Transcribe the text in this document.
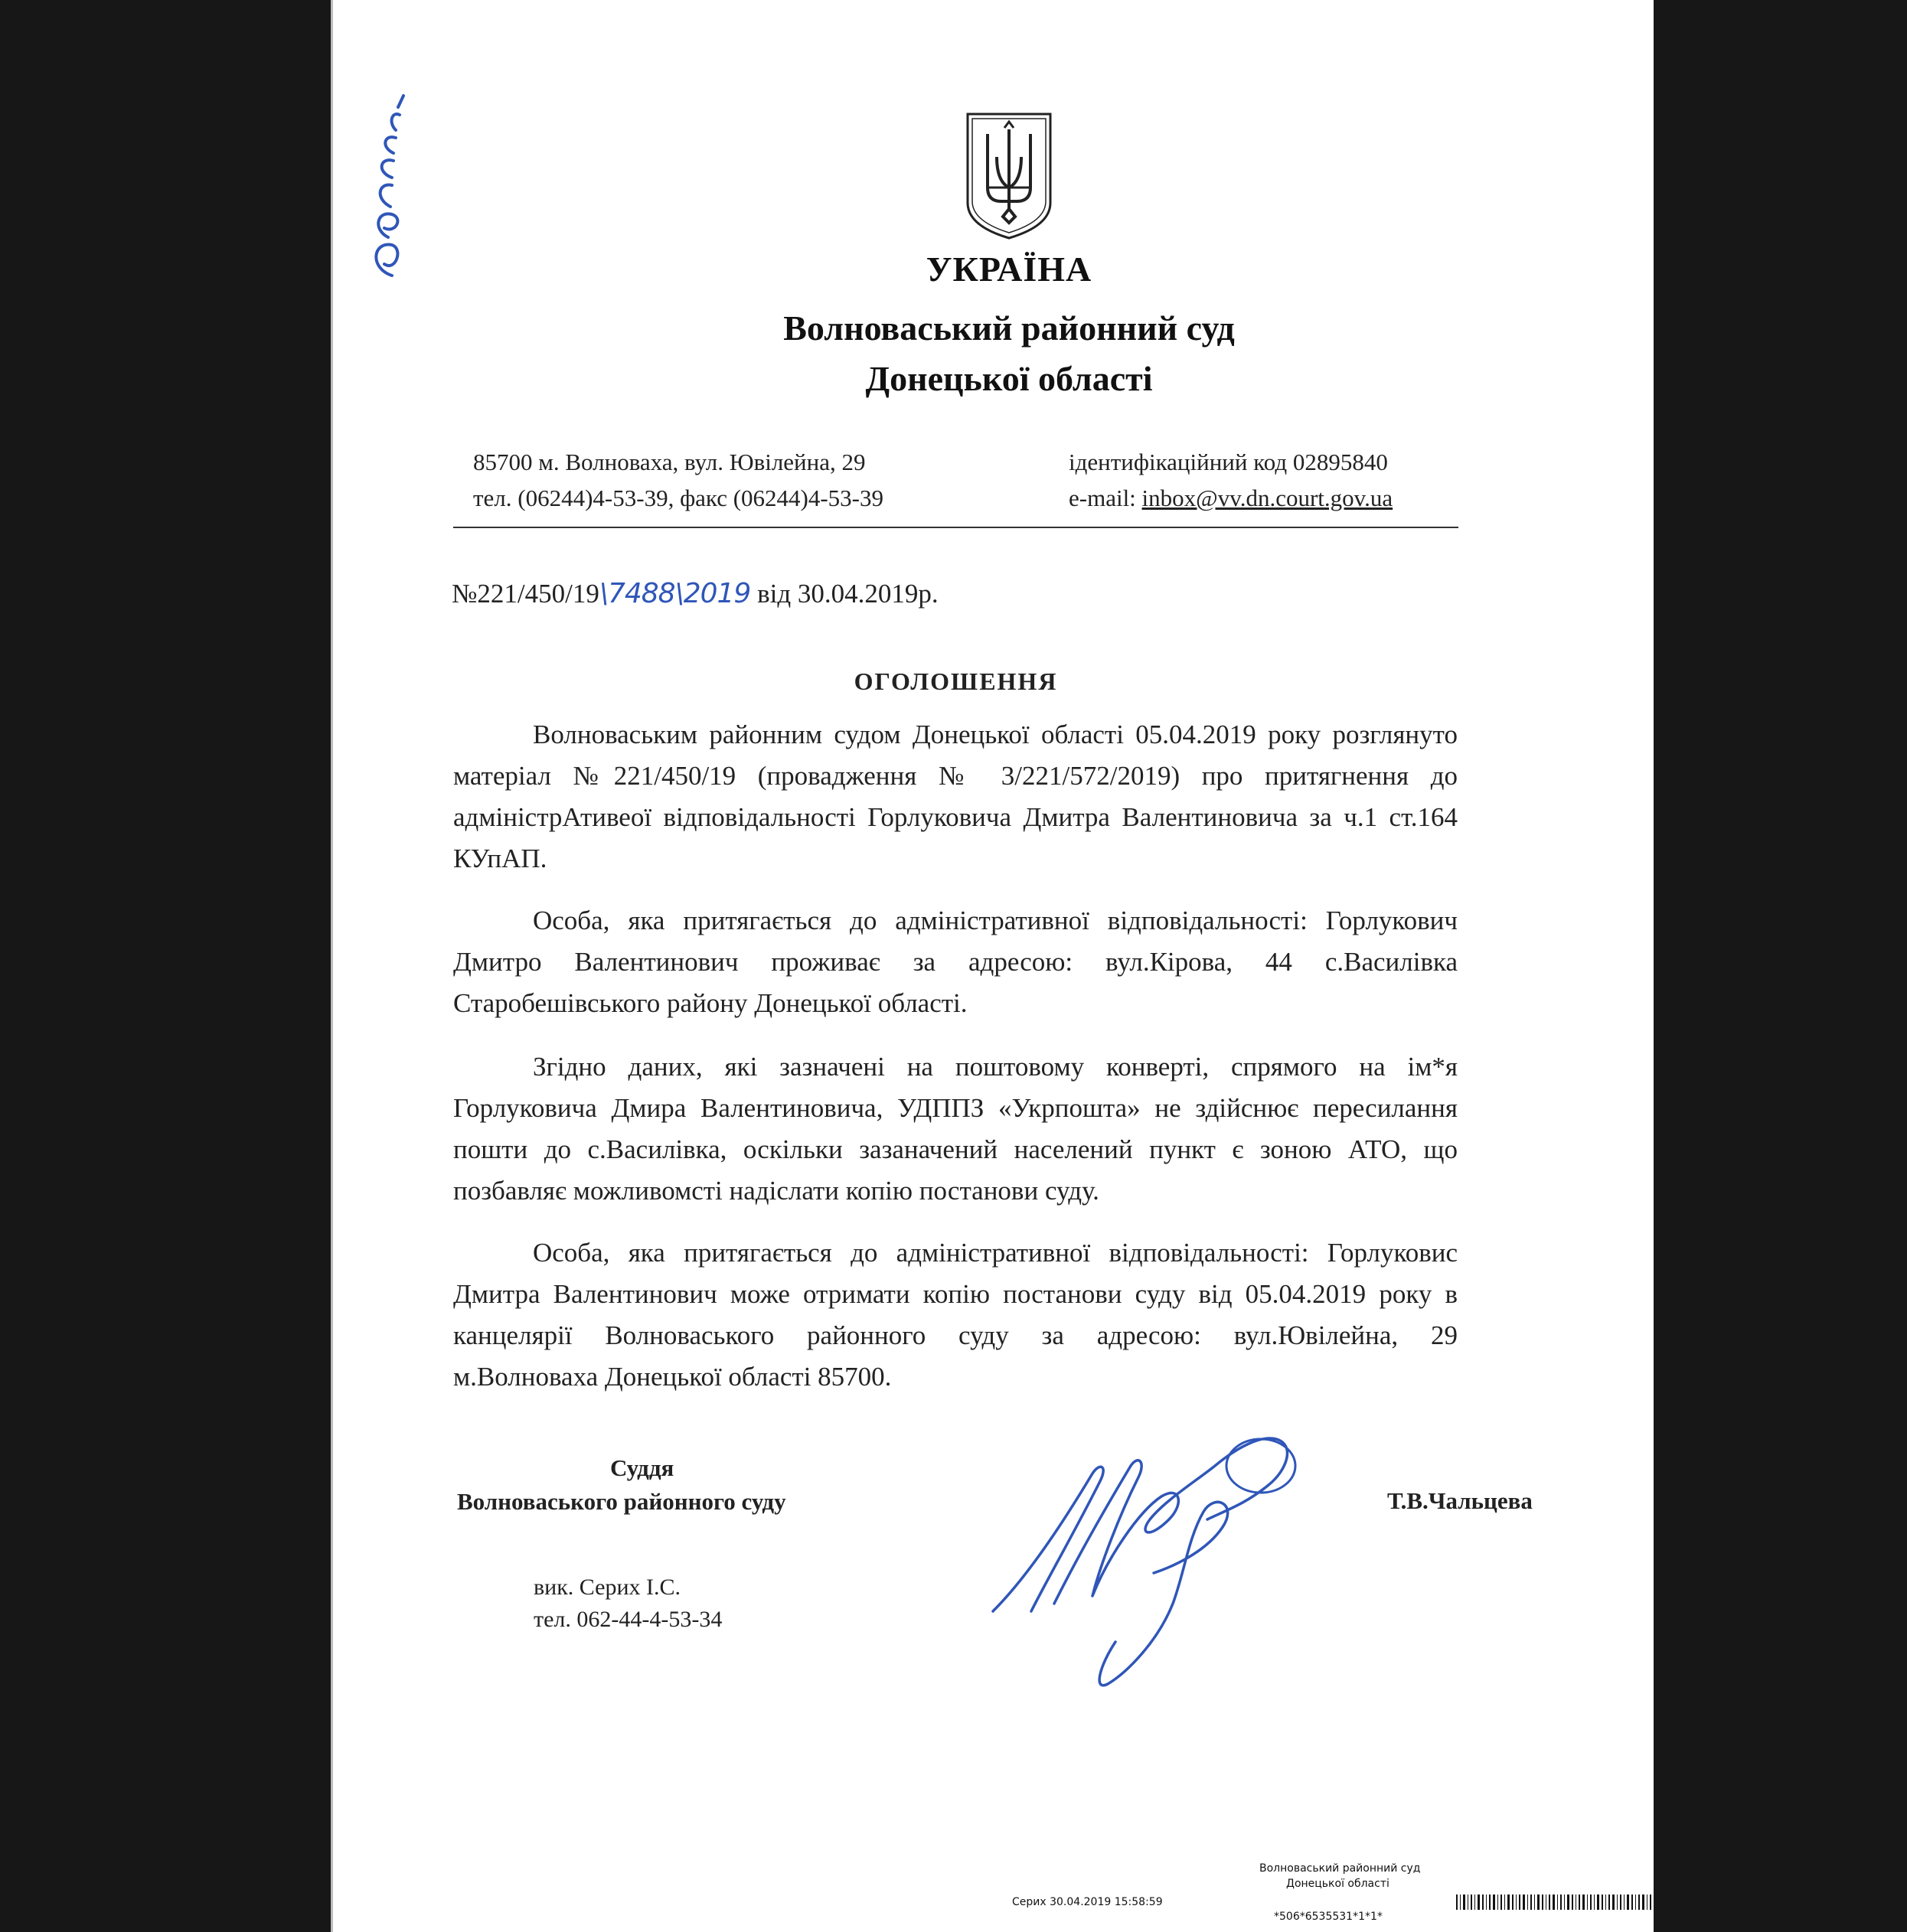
УКРАЇНА
Волноваський районний суд
Донецької області
85700 м. Волноваха, вул. Ювілейна, 29
тел. (06244)4-53-39, факс (06244)4-53-39
ідентифікаційний код 02895840
e-mail: inbox@vv.dn.court.gov.ua
№221/450/19\7488\2019 від 30.04.2019р.
ОГОЛОШЕННЯ
Волноваським районним судом Донецької області 05.04.2019 року розглянуто
матеріал №221/450/19 (провадження № 3/221/572/2019) про притягнення до
адміністрАтивеої відповідальності Горлуковича Дмитра Валентиновича за ч.1 ст.164
КУпАП.
Особа, яка притягається до адміністративної відповідальності: Горлукович
Дмитро Валентинович проживає за адресою: вул.Кірова, 44 с.Василівка
Старобешівського району Донецької області.
Згідно даних, які зазначені на поштовому конверті, спрямого на ім*я
Горлуковича Дмира Валентиновича, УДППЗ «Укрпошта» не здійснює пересилання
пошти до с.Василівка, оскільки зазаначений населений пункт є зоною АТО, що
позбавляє можливомсті надіслати копію постанови суду.
Особа, яка притягається до адміністративної відповідальності: Горлуковис
Дмитра Валентинович може отримати копію постанови суду від 05.04.2019 року в
канцелярії Волноваського районного суду за адресою: вул.Ювілейна, 29
м.Волноваха Донецької області 85700.
Суддя
Волноваського районного суду	Т.В.Чальцева
вик. Серих І.С.
тел. 062-44-4-53-34
Волноваський районний суд
Донецької області
Серих 30.04.2019 15:58:59
*506*6535531*1*1*
